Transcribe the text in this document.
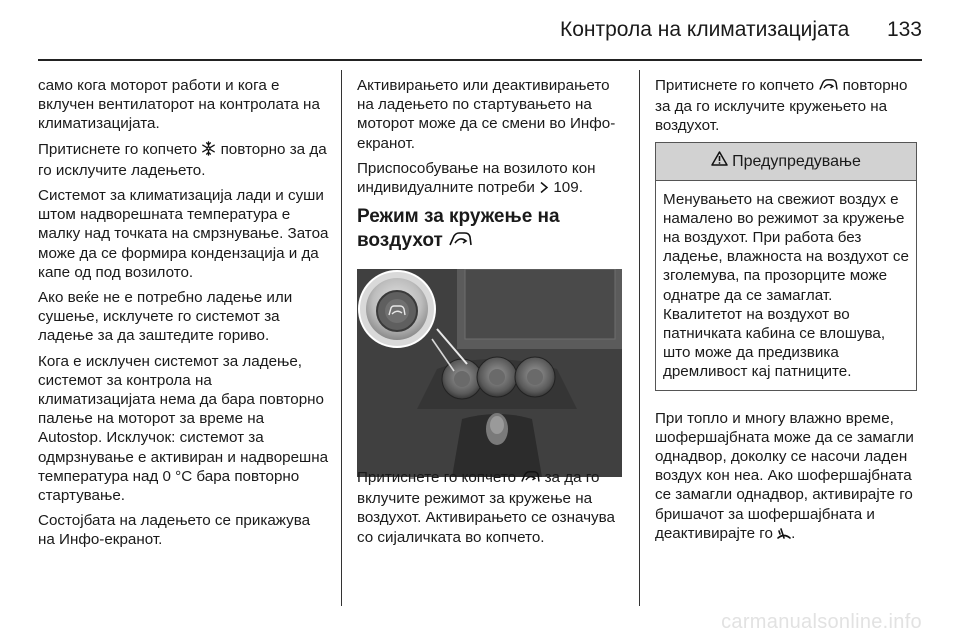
Контрола на климатизацијата 133

само кога моторот работи и кога е вклучен вентилаторот на контролата на климатизацијата.

Притиснете го копчето повторно за да го исклучите ладењето.

Системот за климатизација лади и суши штом надворешната температура е малку над точката на смрзнување. Затоа може да се формира кондензација и да капе од под возилото.

Ако веќе не е потребно ладење или сушење, исклучете го системот за ладење за да заштедите гориво.

Кога е исклучен системот за ладење, системот за контрола на климатизацијата нема да бара повторно палење на моторот за време на Autostop. Исклучок: системот за одмрзнување е активиран и надворешна температура над 0 °C бара повторно стартување.

Состојбата на ладењето се прикажува на Инфо-екранот.

Активирањето или деактивирањето на ладењето по стартувањето на моторот може да се смени во Инфо-екранот.

Приспособување на возилото кон индивидуалните потреби 109.

Режим за кружење на воздухот

Притиснете го копчето за да го вклучите режимот за кружење на воздухот. Активирањето се означува со сијаличката во копчето.

Притиснете го копчето повторно за да го исклучите кружењето на воздухот.

Предупредување
Менувањето на свежиот воздух е намалено во режимот за кружење на воздухот. При работа без ладење, влажноста на воздухот се зголемува, па прозорците може однатре да се замаглат. Квалитетот на воздухот во патничката кабина се влошува, што може да предизвика дремливост кај патниците.

При топло и многу влажно време, шофершајбната може да се замагли однадвор, доколку се насочи ладен воздух кон неа. Ако шофершајбната се замагли однадвор, активирајте го бришачот за шофершајбната и деактивирајте го .

carmanualsonline.info
